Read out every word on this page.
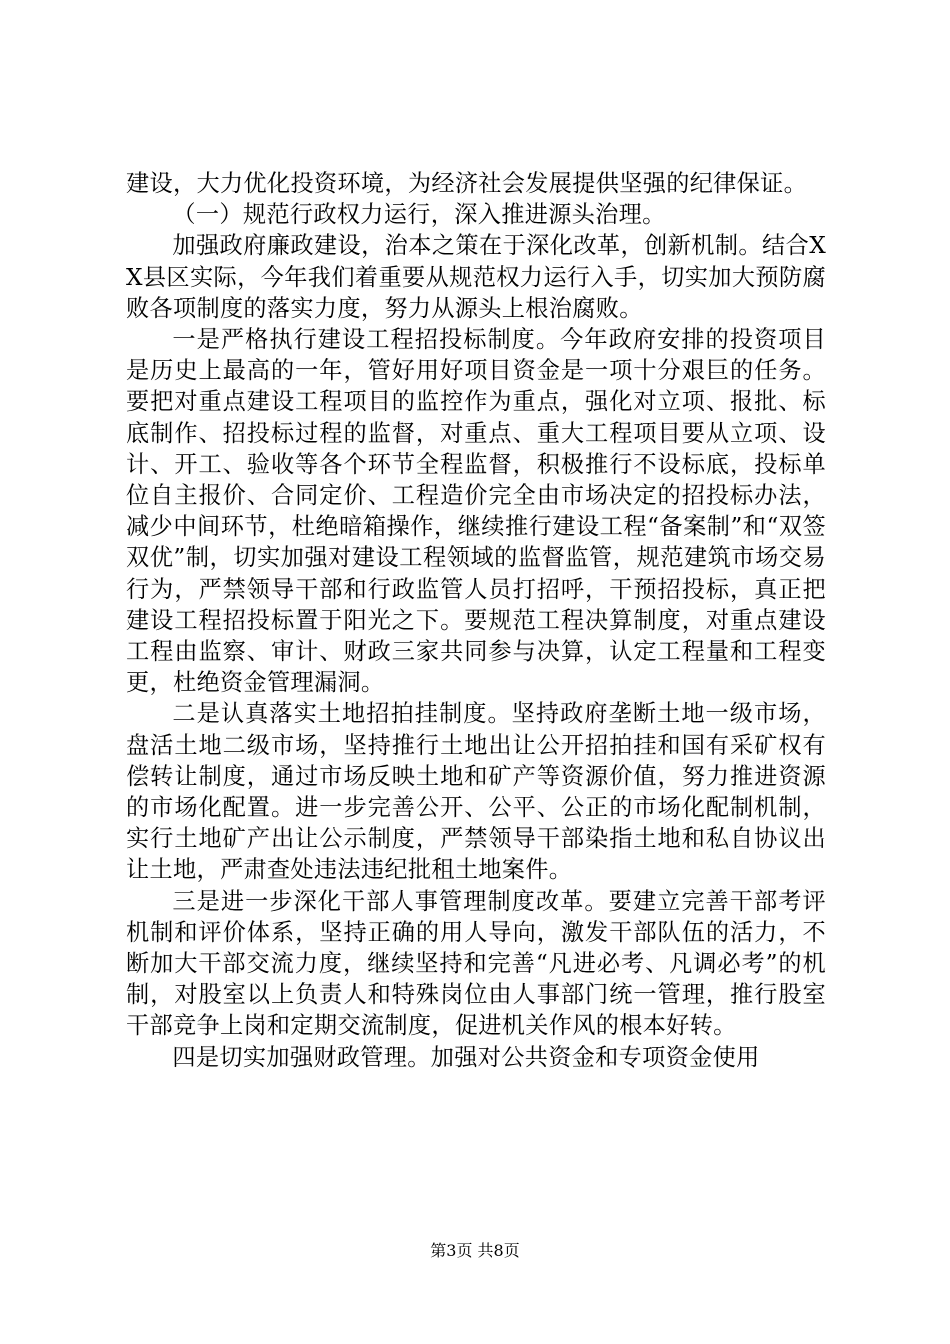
建设，大力优化投资环境，为经济社会发展提供坚强的纪律保证。

（一）规范行政权力运行，深入推进源头治理。

加强政府廉政建设，治本之策在于深化改革，创新机制。结合XX县区实际，今年我们着重要从规范权力运行入手，切实加大预防腐败各项制度的落实力度，努力从源头上根治腐败。

一是严格执行建设工程招投标制度。今年政府安排的投资项目是历史上最高的一年，管好用好项目资金是一项十分艰巨的任务。要把对重点建设工程项目的监控作为重点，强化对立项、报批、标底制作、招投标过程的监督，对重点、重大工程项目要从立项、设计、开工、验收等各个环节全程监督，积极推行不设标底，投标单位自主报价、合同定价、工程造价完全由市场决定的招投标办法，减少中间环节，杜绝暗箱操作，继续推行建设工程“备案制”和“双签双优”制，切实加强对建设工程领域的监督监管，规范建筑市场交易行为，严禁领导干部和行政监管人员打招呼，干预招投标，真正把建设工程招投标置于阳光之下。要规范工程决算制度，对重点建设工程由监察、审计、财政三家共同参与决算，认定工程量和工程变更，杜绝资金管理漏洞。

二是认真落实土地招拍挂制度。坚持政府垄断土地一级市场，盘活土地二级市场，坚持推行土地出让公开招拍挂和国有采矿权有偿转让制度，通过市场反映土地和矿产等资源价值，努力推进资源的市场化配置。进一步完善公开、公平、公正的市场化配制机制，实行土地矿产出让公示制度，严禁领导干部染指土地和私自协议出让土地，严肃查处违法违纪批租土地案件。

三是进一步深化干部人事管理制度改革。要建立完善干部考评机制和评价体系，坚持正确的用人导向，激发干部队伍的活力，不断加大干部交流力度，继续坚持和完善“凡进必考、凡调必考”的机制，对股室以上负责人和特殊岗位由人事部门统一管理，推行股室干部竞争上岗和定期交流制度，促进机关作风的根本好转。

四是切实加强财政管理。加强对公共资金和专项资金使用

第3页 共8页
